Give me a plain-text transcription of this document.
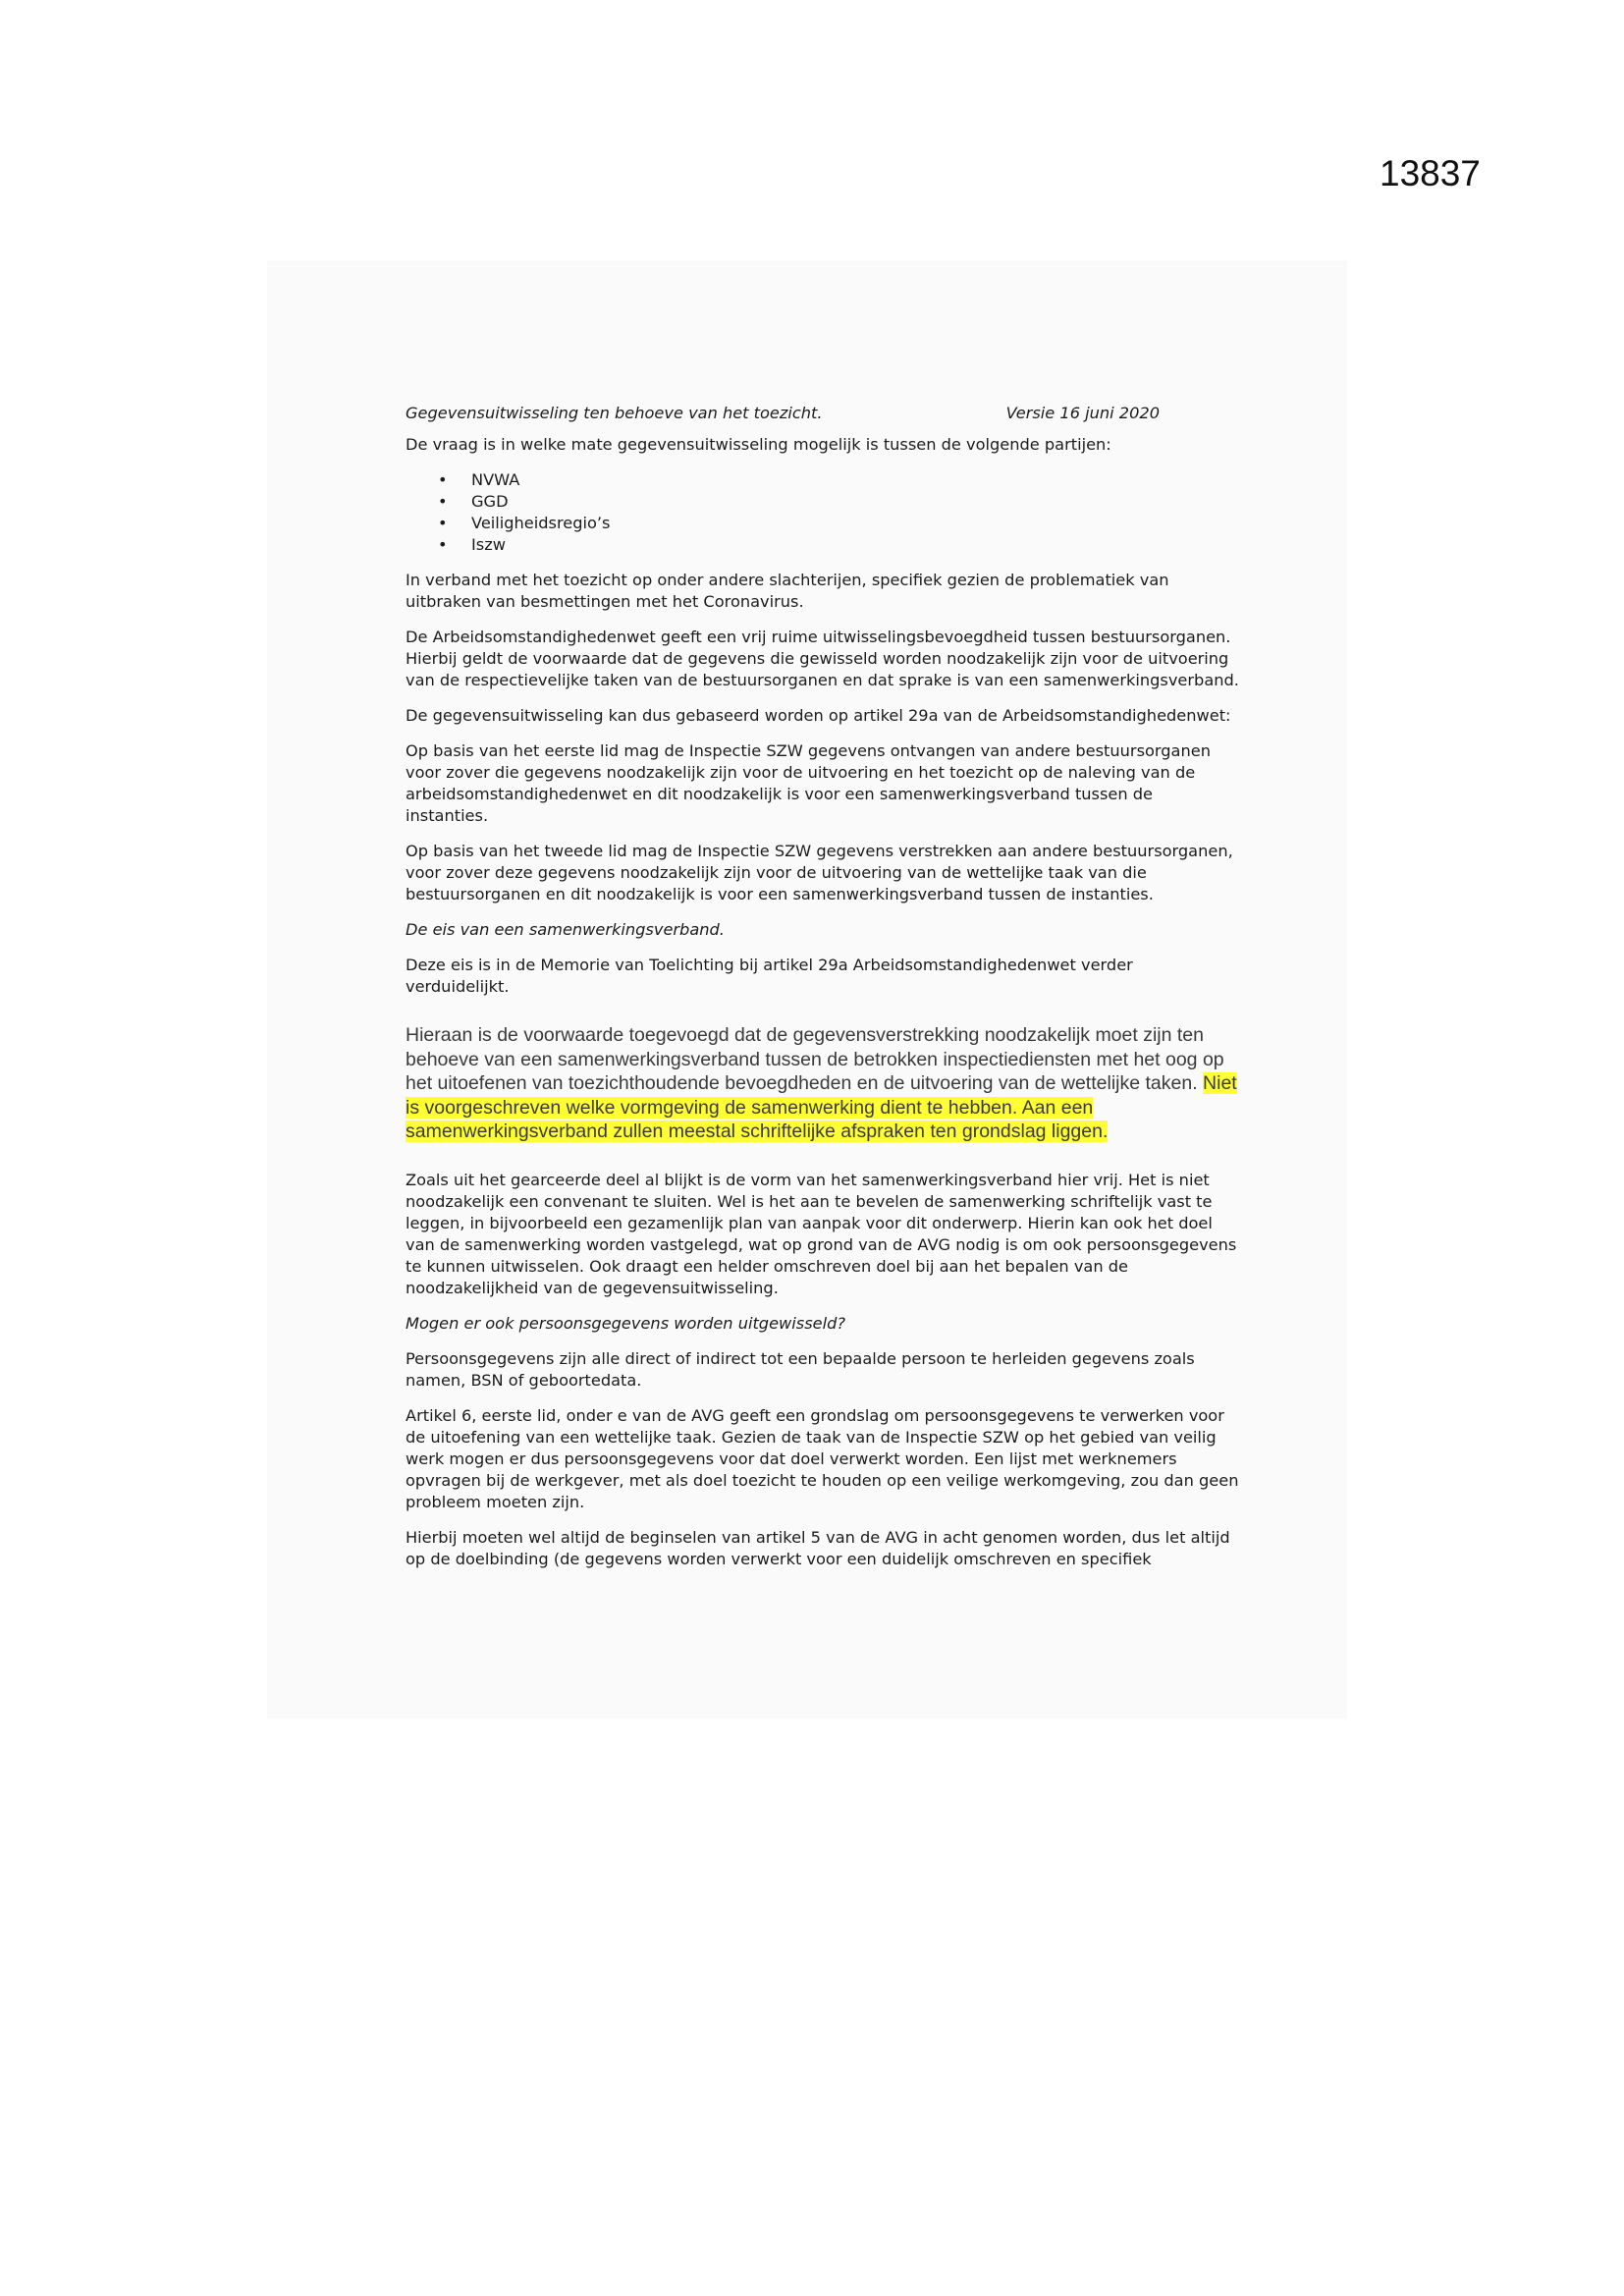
13837
Gegevensuitwisseling ten behoeve van het toezicht.	Versie 16 juni 2020

De vraag is in welke mate gegevensuitwisseling mogelijk is tussen de volgende partijen:

• NVWA
• GGD
• Veiligheidsregio’s
• Iszw

In verband met het toezicht op onder andere slachterijen, specifiek gezien de problematiek van uitbraken van besmettingen met het Coronavirus.

De Arbeidsomstandighedenwet geeft een vrij ruime uitwisselingsbevoegdheid tussen bestuursorganen. Hierbij geldt de voorwaarde dat de gegevens die gewisseld worden noodzakelijk zijn voor de uitvoering van de respectievelijke taken van de bestuursorganen en dat sprake is van een samenwerkingsverband.

De gegevensuitwisseling kan dus gebaseerd worden op artikel 29a van de Arbeidsomstandighedenwet:

Op basis van het eerste lid mag de Inspectie SZW gegevens ontvangen van andere bestuursorganen voor zover die gegevens noodzakelijk zijn voor de uitvoering en het toezicht op de naleving van de arbeidsomstandighedenwet en dit noodzakelijk is voor een samenwerkingsverband tussen de instanties.

Op basis van het tweede lid mag de Inspectie SZW gegevens verstrekken aan andere bestuursorganen, voor zover deze gegevens noodzakelijk zijn voor de uitvoering van de wettelijke taak van die bestuursorganen en dit noodzakelijk is voor een samenwerkingsverband tussen de instanties.

De eis van een samenwerkingsverband.

Deze eis is in de Memorie van Toelichting bij artikel 29a Arbeidsomstandighedenwet verder verduidelijkt.

Hieraan is de voorwaarde toegevoegd dat de gegevensverstrekking noodzakelijk moet zijn ten behoeve van een samenwerkingsverband tussen de betrokken inspectiediensten met het oog op het uitoefenen van toezichthoudende bevoegdheden en de uitvoering van de wettelijke taken. Niet is voorgeschreven welke vormgeving de samenwerking dient te hebben. Aan een samenwerkingsverband zullen meestal schriftelijke afspraken ten grondslag liggen.

Zoals uit het gearceerde deel al blijkt is de vorm van het samenwerkingsverband hier vrij. Het is niet noodzakelijk een convenant te sluiten. Wel is het aan te bevelen de samenwerking schriftelijk vast te leggen, in bijvoorbeeld een gezamenlijk plan van aanpak voor dit onderwerp. Hierin kan ook het doel van de samenwerking worden vastgelegd, wat op grond van de AVG nodig is om ook persoonsgegevens te kunnen uitwisselen. Ook draagt een helder omschreven doel bij aan het bepalen van de noodzakelijkheid van de gegevensuitwisseling.

Mogen er ook persoonsgegevens worden uitgewisseld?

Persoonsgegevens zijn alle direct of indirect tot een bepaalde persoon te herleiden gegevens zoals namen, BSN of geboortedata.

Artikel 6, eerste lid, onder e van de AVG geeft een grondslag om persoonsgegevens te verwerken voor de uitoefening van een wettelijke taak. Gezien de taak van de Inspectie SZW op het gebied van veilig werk mogen er dus persoonsgegevens voor dat doel verwerkt worden. Een lijst met werknemers opvragen bij de werkgever, met als doel toezicht te houden op een veilige werkomgeving, zou dan geen probleem moeten zijn.

Hierbij moeten wel altijd de beginselen van artikel 5 van de AVG in acht genomen worden, dus let altijd op de doelbinding (de gegevens worden verwerkt voor een duidelijk omschreven en specifiek
